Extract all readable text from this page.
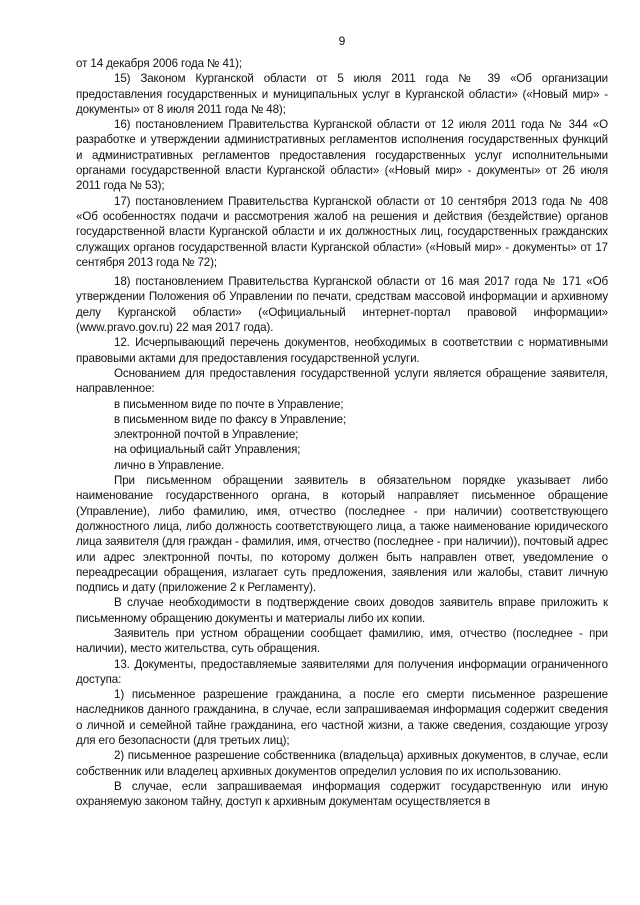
9

от 14 декабря 2006 года № 41);

15) Законом Курганской области от 5 июля 2011 года № 39 «Об организации предоставления государственных и муниципальных услуг в Курганской области» («Новый мир» - документы» от 8 июля 2011 года № 48);

16) постановлением Правительства Курганской области от 12 июля 2011 года № 344 «О разработке и утверждении административных регламентов исполнения государственных функций и административных регламентов предоставления государственных услуг исполнительными органами государственной власти Курганской области» («Новый мир» - документы» от 26 июля 2011 года № 53);

17) постановлением Правительства Курганской области от 10 сентября 2013 года № 408 «Об особенностях подачи и рассмотрения жалоб на решения и действия (бездействие) органов государственной власти Курганской области и их должностных лиц, государственных гражданских служащих органов государственной власти Курганской области» («Новый мир» - документы» от 17 сентября 2013 года № 72);

18) постановлением Правительства Курганской области от 16 мая 2017 года № 171 «Об утверждении Положения об Управлении по печати, средствам массовой информации и архивному делу Курганской области» («Официальный интернет-портал правовой информации» (www.pravo.gov.ru) 22 мая 2017 года).

12. Исчерпывающий перечень документов, необходимых в соответствии с нормативными правовыми актами для предоставления государственной услуги.

Основанием для предоставления государственной услуги является обращение заявителя, направленное:

в письменном виде по почте в Управление;

в письменном виде по факсу в Управление;

электронной почтой в Управление;

на официальный сайт Управления;

лично в Управление.

При письменном обращении заявитель в обязательном порядке указывает либо наименование государственного органа, в который направляет письменное обращение (Управление), либо фамилию, имя, отчество (последнее - при наличии) соответствующего должностного лица, либо должность соответствующего лица, а также наименование юридического лица заявителя (для граждан - фамилия, имя, отчество (последнее - при наличии)), почтовый адрес или адрес электронной почты, по которому должен быть направлен ответ, уведомление о переадресации обращения, излагает суть предложения, заявления или жалобы, ставит личную подпись и дату (приложение 2 к Регламенту).

В случае необходимости в подтверждение своих доводов заявитель вправе приложить к письменному обращению документы и материалы либо их копии.

Заявитель при устном обращении сообщает фамилию, имя, отчество (последнее - при наличии), место жительства, суть обращения.

13. Документы, предоставляемые заявителями для получения информации ограниченного доступа:

1) письменное разрешение гражданина, а после его смерти письменное разрешение наследников данного гражданина, в случае, если запрашиваемая информация содержит сведения о личной и семейной тайне гражданина, его частной жизни, а также сведения, создающие угрозу для его безопасности (для третьих лиц);

2) письменное разрешение собственника (владельца) архивных документов, в случае, если собственник или владелец архивных документов определил условия по их использованию.

В случае, если запрашиваемая информация содержит государственную или иную охраняемую законом тайну, доступ к архивным документам осуществляется в
